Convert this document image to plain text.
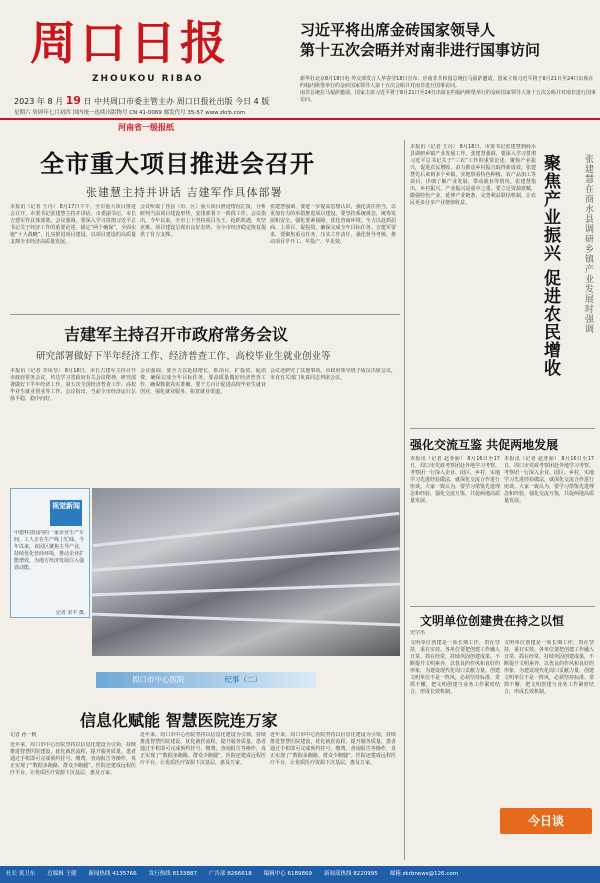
周口日报
ZHOUKOU RIBAO
2023 年 8 月 19 日 中共周口市委主管主办 周口日报社出版 今日 4 版
星期六 癸卯年七月初四 国内统一连续出版物号 CN 41-0069 邮发代号 35-57 www.zkrb.com
习近平将出席金砖国家领导人
第十五次会晤并对南非进行国事访问
新华社北京8月18日电 外交部发言人华春莹18日宣布：应南非共和国总统拉马福萨邀请，国家主席习近平将于8月21日至24日出席在约翰内斯堡举行的金砖国家领导人第十五次会晤并对南非进行国事访问。
南非总统拉马福萨邀请，国家主席习近平将于8月21日至24日出席在约翰内斯堡举行的金砖国家领导人第十五次会晤并对南非进行国事访问。
河南省一级报纸
全市重大项目推进会召开
张建慧主持并讲话 吉建军作具体部署
本报讯（记者 王丹） 8月17日下午，全市重大项目推进会召开。市委书记张建慧主持并讲话。市委副书记、市长吉建军作具体部署。会议强调，要深入学习贯彻习近平总书记关于经济工作的重要论述，锚定“两个确保”，全面实施“十大战略”，扎实推进项目建设，以项目建设的高质量支撑全市经济高质量发展。
会议听取了各县（市、区）重大项目推进情况汇报，分析研判当前项目建设形势，安排部署下一阶段工作。会议指出，今年以来，全市上下坚持项目为王，抢抓机遇，攻坚克难，项目建设呈现出良好态势，为全市经济稳定恢复提供了有力支撑。
张建慧强调，要进一步提高思想认识，强化责任担当，以更加有力的举措推进项目建设。要坚持系统观念，统筹发展和安全，强化要素保障，优化营商环境，全力以赴抓招商、上项目、促投资，确保完成全年目标任务。吉建军要求，要聚焦重点任务，压实工作责任，强化督导考核，推动项目早开工、早投产、早见效。
吉建军主持召开市政府常务会议
研究部署做好下半年经济工作、经济普查工作、高校毕业生就业创业等
本报讯（记者 李凤琴） 8月18日，市长吉建军主持召开市政府常务会议，传达学习省政府有关会议精神，研究部署做好下半年经济工作、第五次全国经济普查工作、高校毕业生就业创业等工作。会议指出，当前全市经济运行总体平稳，稳中向好。
会议强调，要全力以赴稳增长，抓项目、扩投资、促消费，确保完成全年目标任务。要高质量做好经济普查工作，确保数据真实准确。要千方百计促进高校毕业生就业创业，强化就业服务，拓宽就业渠道。
会议还研究了其他事项。市政府领导班子成员出席会议，市直有关部门负责同志列席会议。
视觉新闻
中德科技园内的一家企业生产车间，工人正在生产线上忙碌。今年以来，该园区聚焦主导产业，持续优化营商环境，推动企业扩能增效，为地方经济发展注入强劲动能。
记者 宋丰 摄
周口市中心医院	纪事（二）
信息化赋能 智慧医院连万家
记者 孙一帆
近年来，周口市中心医院坚持以信息化建设为引领，持续推进智慧医院建设，优化就医流程，提升服务质量。患者通过手机即可完成预约挂号、缴费、查询报告等操作，真正实现了“数据多跑路、群众少跑腿”。医院还建成远程医疗平台，让优质医疗资源下沉基层，惠及万家。
近年来，周口市中心医院坚持以信息化建设为引领，持续推进智慧医院建设，优化就医流程，提升服务质量。患者通过手机即可完成预约挂号、缴费、查询报告等操作，真正实现了“数据多跑路、群众少跑腿”。医院还建成远程医疗平台，让优质医疗资源下沉基层，惠及万家。
近年来，周口市中心医院坚持以信息化建设为引领，持续推进智慧医院建设，优化就医流程，提升服务质量。患者通过手机即可完成预约挂号、缴费、查询报告等操作，真正实现了“数据多跑路、群众少跑腿”。医院还建成远程医疗平台，让优质医疗资源下沉基层，惠及万家。
本报讯（记者 王丹） 8月18日，市委书记张建慧到商水县调研乡镇产业发展工作。张建慧强调，要深入学习贯彻习近平总书记关于“三农”工作的重要论述，聚焦产业振兴，促进农民增收，奋力推动乡村振兴取得新成效。张建慧先后来到多个乡镇，实地察看特色种植、农产品加工等项目，详细了解产业发展、带动就业等情况。张建慧指出，乡村振兴，产业振兴是重中之重。要立足资源禀赋，做强特色产业，延伸产业链条，完善利益联结机制，让农民更多分享产业增值收益。	聚焦产业振兴 促进农民增收	张建慧在商水县调研乡镇产业发展时强调
强化交流互鉴 共促两地发展
本报讯（记者 赵亚丽） 8月16日至17日，周口市党政考察团赴外地学习考察。考察团一行深入企业、园区、乡村，实地学习先进经验做法，就深化交流合作进行座谈。大家一致认为，要学习借鉴先进理念和经验，强化交流互鉴，共促两地高质量发展。
本报讯（记者 赵亚丽） 8月16日至17日，周口市党政考察团赴外地学习考察。考察团一行深入企业、园区、乡村，实地学习先进经验做法，就深化交流合作进行座谈。大家一致认为，要学习借鉴先进理念和经验，强化交流互鉴，共促两地高质量发展。
文明单位创建贵在持之以恒
史学杰
文明单位创建是一项长期工作，贵在坚持，重在实效。各单位要把创建工作融入日常、抓在经常，持续巩固创建成果，不断提升文明素养，以优良的作风和良好的形象，为建设现代化周口贡献力量。创建文明单位不是一阵风，必须坚持标准、常抓不懈，把文明创建与业务工作紧密结合，形成长效机制。
文明单位创建是一项长期工作，贵在坚持，重在实效。各单位要把创建工作融入日常、抓在经常，持续巩固创建成果，不断提升文明素养，以优良的作风和良好的形象，为建设现代化周口贡献力量。创建文明单位不是一阵风，必须坚持标准、常抓不懈，把文明创建与业务工作紧密结合，形成长效机制。
今日谈
社长 黄卫东 总编辑 王健 新闻热线 4135766 发行热线 8133887 广告部 8266618 编辑中心 6189869 新闻部热线 8220995 邮箱 zkrbnews@126.com
